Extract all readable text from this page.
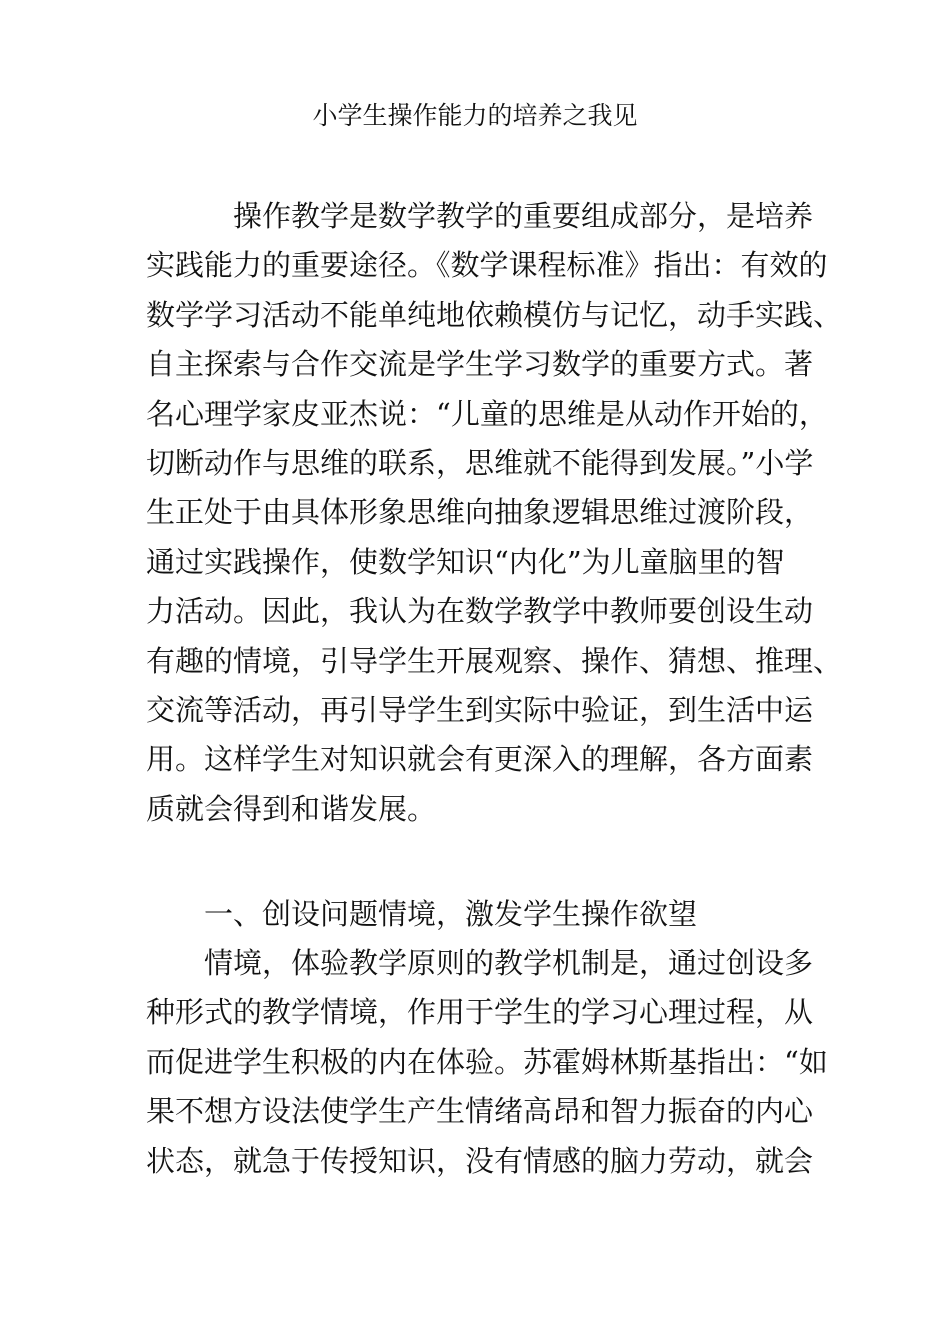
小学生操作能力的培养之我见

操作教学是数学教学的重要组成部分，是培养
实践能力的重要途径。《数学课程标准》指出：有效的
数学学习活动不能单纯地依赖模仿与记忆，动手实践、
自主探索与合作交流是学生学习数学的重要方式。著
名心理学家皮亚杰说：“儿童的思维是从动作开始的，
切断动作与思维的联系，思维就不能得到发展。”小学
生正处于由具体形象思维向抽象逻辑思维过渡阶段，
通过实践操作，使数学知识“内化”为儿童脑里的智
力活动。因此，我认为在数学教学中教师要创设生动
有趣的情境，引导学生开展观察、操作、猜想、推理、
交流等活动，再引导学生到实际中验证，到生活中运
用。这样学生对知识就会有更深入的理解，各方面素
质就会得到和谐发展。

一、创设问题情境，激发学生操作欲望

情境，体验教学原则的教学机制是，通过创设多
种形式的教学情境，作用于学生的学习心理过程，从
而促进学生积极的内在体验。苏霍姆林斯基指出：“如
果不想方设法使学生产生情绪高昂和智力振奋的内心
状态，就急于传授知识，没有情感的脑力劳动，就会
